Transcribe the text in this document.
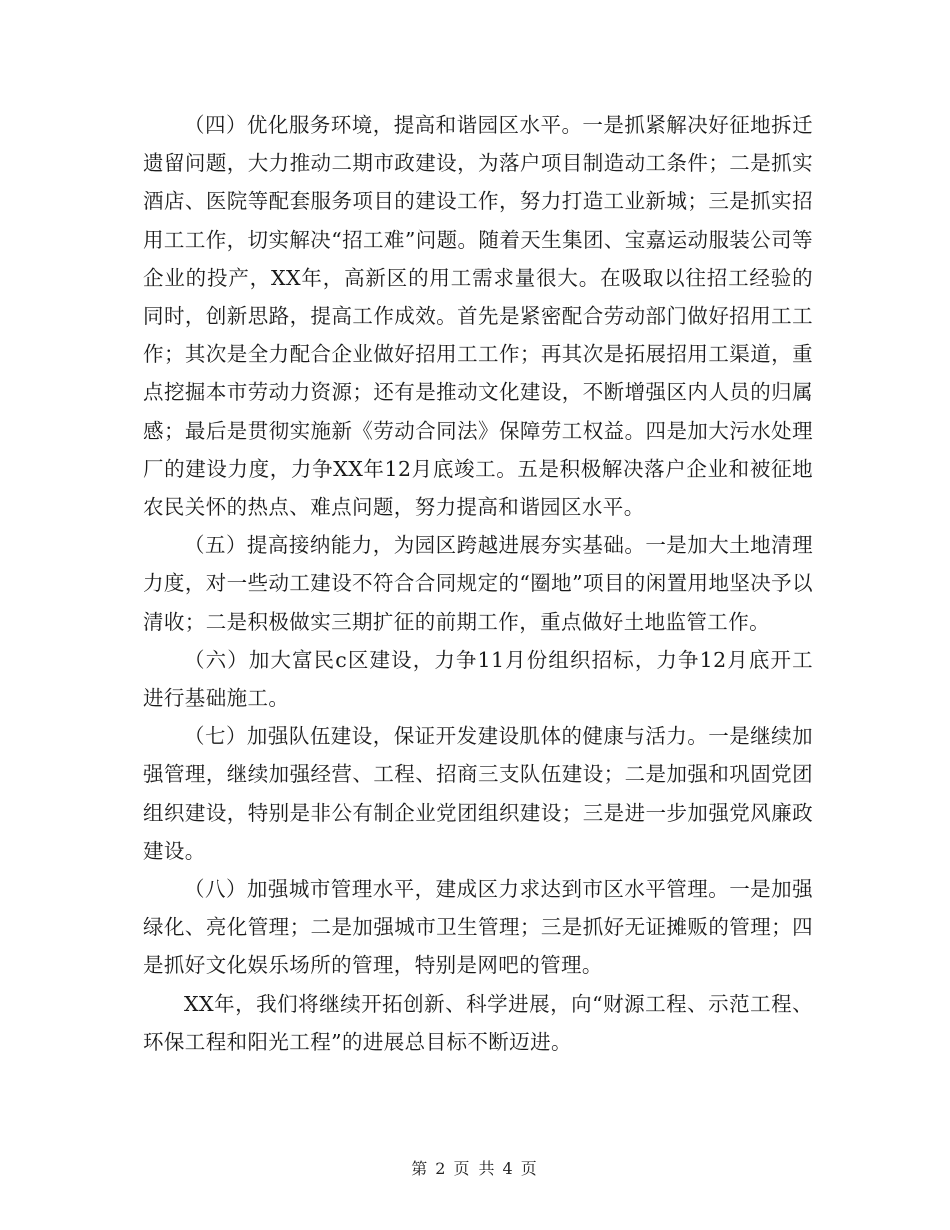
（四）优化服务环境，提高和谐园区水平。一是抓紧解决好征地拆迁遗留问题，大力推动二期市政建设，为落户项目制造动工条件；二是抓实酒店、医院等配套服务项目的建设工作，努力打造工业新城；三是抓实招用工工作，切实解决“招工难”问题。随着天生集团、宝嘉运动服装公司等企业的投产，XX年，高新区的用工需求量很大。在吸取以往招工经验的同时，创新思路，提高工作成效。首先是紧密配合劳动部门做好招用工工作；其次是全力配合企业做好招用工工作；再其次是拓展招用工渠道，重点挖掘本市劳动力资源；还有是推动文化建设，不断增强区内人员的归属感；最后是贯彻实施新《劳动合同法》保障劳工权益。四是加大污水处理厂的建设力度，力争XX年12月底竣工。五是积极解决落户企业和被征地农民关怀的热点、难点问题，努力提高和谐园区水平。

（五）提高接纳能力，为园区跨越进展夯实基础。一是加大土地清理力度，对一些动工建设不符合合同规定的“圈地”项目的闲置用地坚决予以清收；二是积极做实三期扩征的前期工作，重点做好土地监管工作。

（六）加大富民c区建设，力争11月份组织招标，力争12月底开工进行基础施工。

（七）加强队伍建设，保证开发建设肌体的健康与活力。一是继续加强管理，继续加强经营、工程、招商三支队伍建设；二是加强和巩固党团组织建设，特别是非公有制企业党团组织建设；三是进一步加强党风廉政建设。

（八）加强城市管理水平，建成区力求达到市区水平管理。一是加强绿化、亮化管理；二是加强城市卫生管理；三是抓好无证摊贩的管理；四是抓好文化娱乐场所的管理，特别是网吧的管理。

XX年，我们将继续开拓创新、科学进展，向“财源工程、示范工程、环保工程和阳光工程”的进展总目标不断迈进。

第 2 页 共 4 页
